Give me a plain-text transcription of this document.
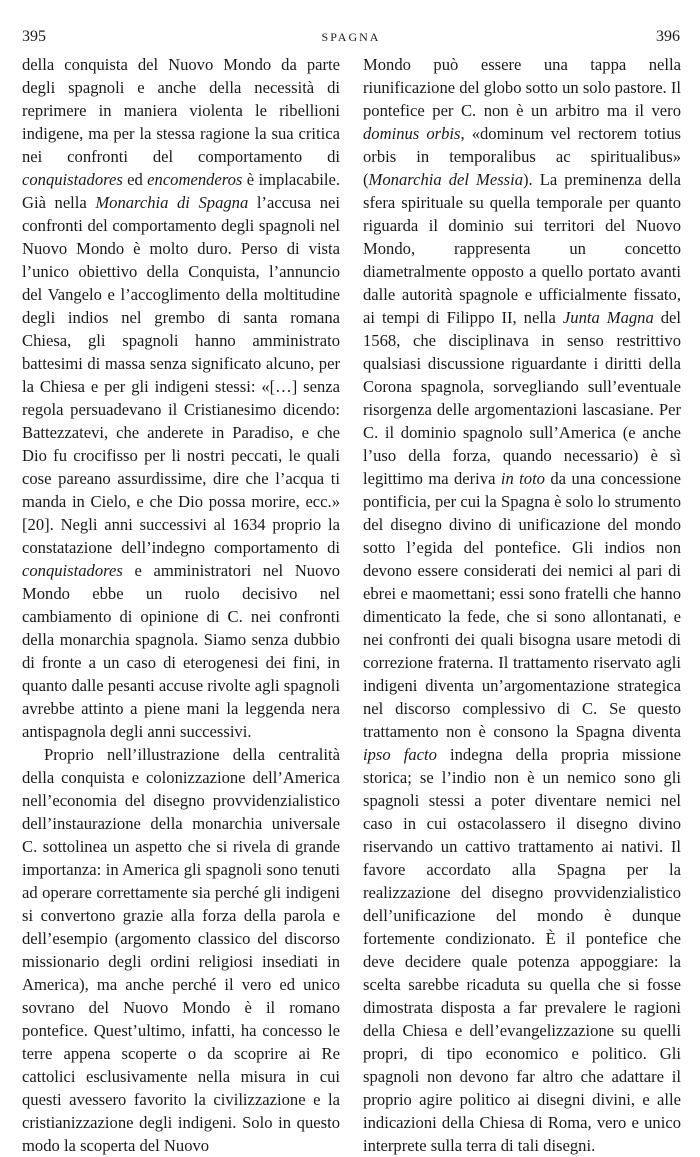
395	SPAGNA	396

della conquista del Nuovo Mondo da parte degli spagnoli e anche della necessità di reprimere in maniera violenta le ribellioni indigene, ma per la stessa ragione la sua critica nei confronti del comportamento di conquistadores ed encomenderos è implacabile. Già nella Monarchia di Spagna l’accusa nei confronti del comportamento degli spagnoli nel Nuovo Mondo è molto duro. Perso di vista l’unico obiettivo della Conquista, l’annuncio del Vangelo e l’accoglimento della moltitudine degli indios nel grembo di santa romana Chiesa, gli spagnoli hanno amministrato battesimi di massa senza significato alcuno, per la Chiesa e per gli indigeni stessi: «[…] senza regola persuadevano il Cristianesimo dicendo: Battezzatevi, che anderete in Paradiso, e che Dio fu crocifisso per li nostri peccati, le quali cose pareano assurdissime, dire che l’acqua ti manda in Cielo, e che Dio possa morire, ecc.» [20]. Negli anni successivi al 1634 proprio la constatazione dell’indegno comportamento di conquistadores e amministratori nel Nuovo Mondo ebbe un ruolo decisivo nel cambiamento di opinione di C. nei confronti della monarchia spagnola. Siamo senza dubbio di fronte a un caso di eterogenesi dei fini, in quanto dalle pesanti accuse rivolte agli spagnoli avrebbe attinto a piene mani la leggenda nera antispagnola degli anni successivi.

Proprio nell’illustrazione della centralità della conquista e colonizzazione dell’America nell’economia del disegno provvidenzialistico dell’instaurazione della monarchia universale C. sottolinea un aspetto che si rivela di grande importanza: in America gli spagnoli sono tenuti ad operare correttamente sia perché gli indigeni si convertono grazie alla forza della parola e dell’esempio (argomento classico del discorso missionario degli ordini religiosi insediati in America), ma anche perché il vero ed unico sovrano del Nuovo Mondo è il romano pontefice. Quest’ultimo, infatti, ha concesso le terre appena scoperte o da scoprire ai Re cattolici esclusivamente nella misura in cui questi avessero favorito la civilizzazione e la cristianizzazione degli indigeni. Solo in questo modo la scoperta del Nuovo

Mondo può essere una tappa nella riunificazione del globo sotto un solo pastore. Il pontefice per C. non è un arbitro ma il vero dominus orbis, «dominum vel rectorem totius orbis in temporalibus ac spiritualibus» (Monarchia del Messia). La preminenza della sfera spirituale su quella temporale per quanto riguarda il dominio sui territori del Nuovo Mondo, rappresenta un concetto diametralmente opposto a quello portato avanti dalle autorità spagnole e ufficialmente fissato, ai tempi di Filippo II, nella Junta Magna del 1568, che disciplinava in senso restrittivo qualsiasi discussione riguardante i diritti della Corona spagnola, sorvegliando sull’eventuale risorgenza delle argomentazioni lascasiane. Per C. il dominio spagnolo sull’America (e anche l’uso della forza, quando necessario) è sì legittimo ma deriva in toto da una concessione pontificia, per cui la Spagna è solo lo strumento del disegno divino di unificazione del mondo sotto l’egida del pontefice. Gli indios non devono essere considerati dei nemici al pari di ebrei e maomettani; essi sono fratelli che hanno dimenticato la fede, che si sono allontanati, e nei confronti dei quali bisogna usare metodi di correzione fraterna. Il trattamento riservato agli indigeni diventa un’argomentazione strategica nel discorso complessivo di C. Se questo trattamento non è consono la Spagna diventa ipso facto indegna della propria missione storica; se l’indio non è un nemico sono gli spagnoli stessi a poter diventare nemici nel caso in cui ostacolassero il disegno divino riservando un cattivo trattamento ai nativi. Il favore accordato alla Spagna per la realizzazione del disegno provvidenzialistico dell’unificazione del mondo è dunque fortemente condizionato. È il pontefice che deve decidere quale potenza appoggiare: la scelta sarebbe ricaduta su quella che si fosse dimostrata disposta a far prevalere le ragioni della Chiesa e dell’evangelizzazione su quelli propri, di tipo economico e politico. Gli spagnoli non devono far altro che adattare il proprio agire politico ai disegni divini, e alle indicazioni della Chiesa di Roma, vero e unico interprete sulla terra di tali disegni.
